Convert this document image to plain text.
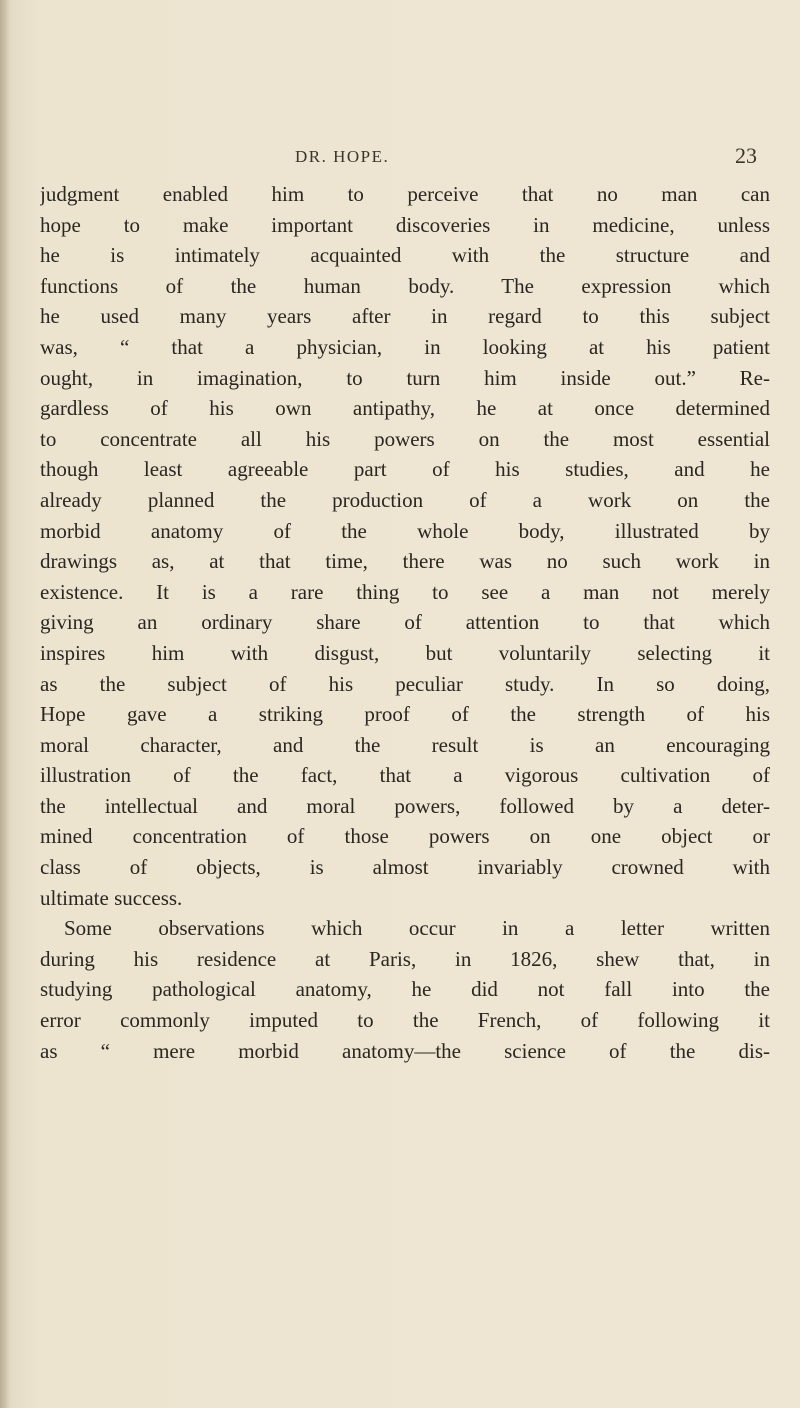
DR. HOPE.	23
judgment enabled him to perceive that no man can
hope to make important discoveries in medicine, unless
he is intimately acquainted with the structure and
functions of the human body. The expression which
he used many years after in regard to this subject
was, “ that a physician, in looking at his patient
ought, in imagination, to turn him inside out.” Re-
gardless of his own antipathy, he at once determined
to concentrate all his powers on the most essential
though least agreeable part of his studies, and he
already planned the production of a work on the
morbid anatomy of the whole body, illustrated by
drawings as, at that time, there was no such work in
existence. It is a rare thing to see a man not merely
giving an ordinary share of attention to that which
inspires him with disgust, but voluntarily selecting it
as the subject of his peculiar study. In so doing,
Hope gave a striking proof of the strength of his
moral character, and the result is an encouraging
illustration of the fact, that a vigorous cultivation of
the intellectual and moral powers, followed by a deter-
mined concentration of those powers on one object or
class of objects, is almost invariably crowned with
ultimate success.
Some observations which occur in a letter written
during his residence at Paris, in 1826, shew that, in
studying pathological anatomy, he did not fall into the
error commonly imputed to the French, of following it
as “ mere morbid anatomy—the science of the dis-
